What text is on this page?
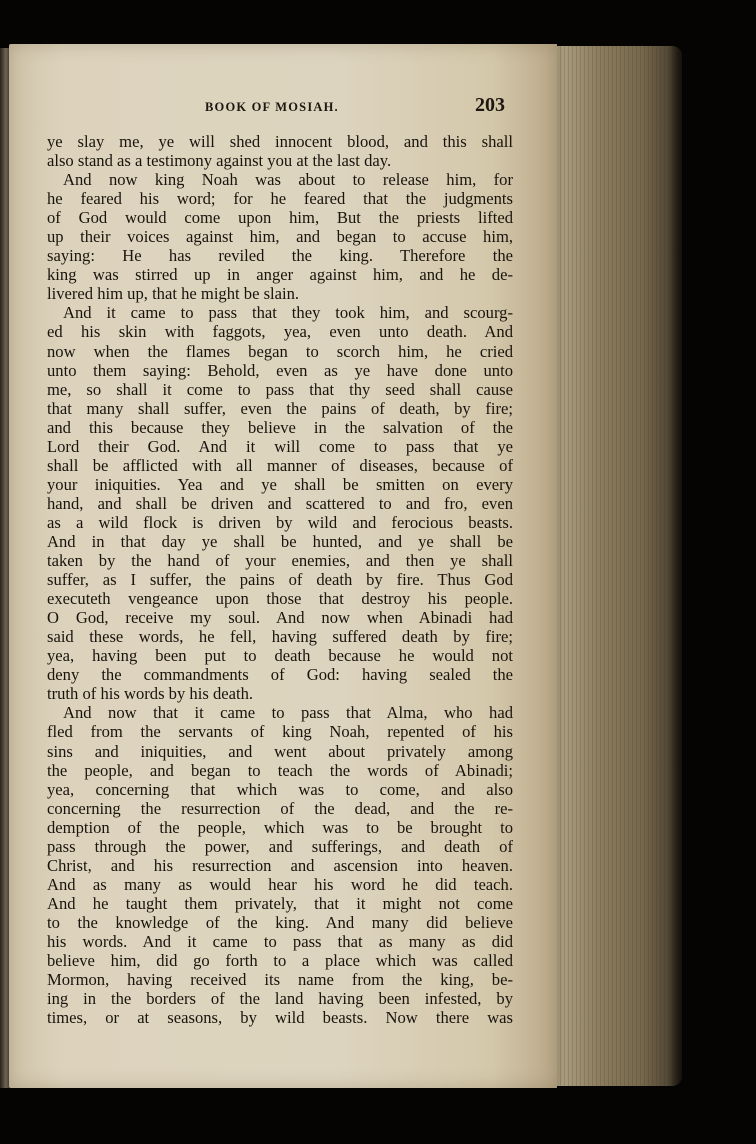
BOOK OF MOSIAH.	203
ye slay me, ye will shed innocent blood, and this shall
also stand as a testimony against you at the last day.
And now king Noah was about to release him, for
he feared his word; for he feared that the judgments
of God would come upon him, But the priests lifted
up their voices against him, and began to accuse him,
saying: He has reviled the king. Therefore the
king was stirred up in anger against him, and he de-
livered him up, that he might be slain.
And it came to pass that they took him, and scourg-
ed his skin with faggots, yea, even unto death. And
now when the flames began to scorch him, he cried
unto them saying: Behold, even as ye have done unto
me, so shall it come to pass that thy seed shall cause
that many shall suffer, even the pains of death, by fire;
and this because they believe in the salvation of the
Lord their God. And it will come to pass that ye
shall be afflicted with all manner of diseases, because of
your iniquities. Yea and ye shall be smitten on every
hand, and shall be driven and scattered to and fro, even
as a wild flock is driven by wild and ferocious beasts.
And in that day ye shall be hunted, and ye shall be
taken by the hand of your enemies, and then ye shall
suffer, as I suffer, the pains of death by fire. Thus God
executeth vengeance upon those that destroy his people.
O God, receive my soul. And now when Abinadi had
said these words, he fell, having suffered death by fire;
yea, having been put to death because he would not
deny the commandments of God: having sealed the
truth of his words by his death.
And now that it came to pass that Alma, who had
fled from the servants of king Noah, repented of his
sins and iniquities, and went about privately among
the people, and began to teach the words of Abinadi;
yea, concerning that which was to come, and also
concerning the resurrection of the dead, and the re-
demption of the people, which was to be brought to
pass through the power, and sufferings, and death of
Christ, and his resurrection and ascension into heaven.
And as many as would hear his word he did teach.
And he taught them privately, that it might not come
to the knowledge of the king. And many did believe
his words. And it came to pass that as many as did
believe him, did go forth to a place which was called
Mormon, having received its name from the king, be-
ing in the borders of the land having been infested, by
times, or at seasons, by wild beasts. Now there was
